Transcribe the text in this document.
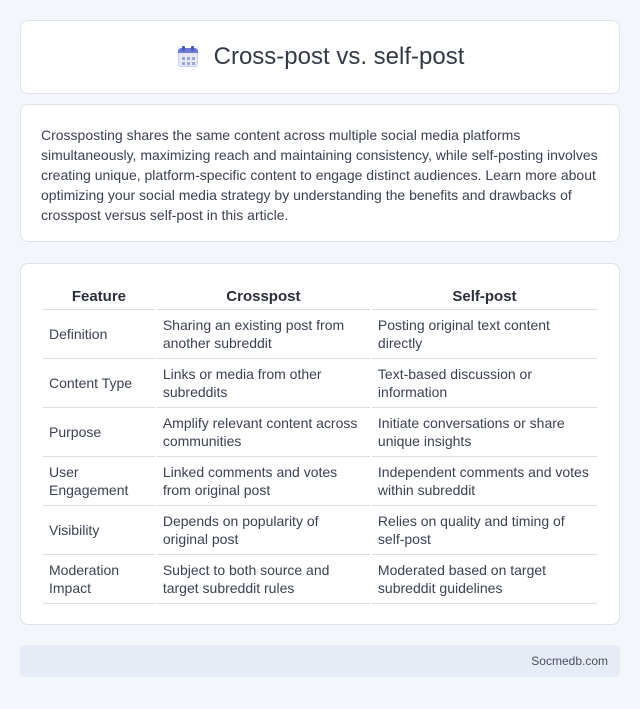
Cross-post vs. self-post

Crossposting shares the same content across multiple social media platforms simultaneously, maximizing reach and maintaining consistency, while self-posting involves creating unique, platform-specific content to engage distinct audiences. Learn more about optimizing your social media strategy by understanding the benefits and drawbacks of crosspost versus self-post in this article.

Feature	Crosspost	Self-post
Definition	Sharing an existing post from another subreddit	Posting original text content directly
Content Type	Links or media from other subreddits	Text-based discussion or information
Purpose	Amplify relevant content across communities	Initiate conversations or share unique insights
User Engagement	Linked comments and votes from original post	Independent comments and votes within subreddit
Visibility	Depends on popularity of original post	Relies on quality and timing of self-post
Moderation Impact	Subject to both source and target subreddit rules	Moderated based on target subreddit guidelines
Socmedb.com
